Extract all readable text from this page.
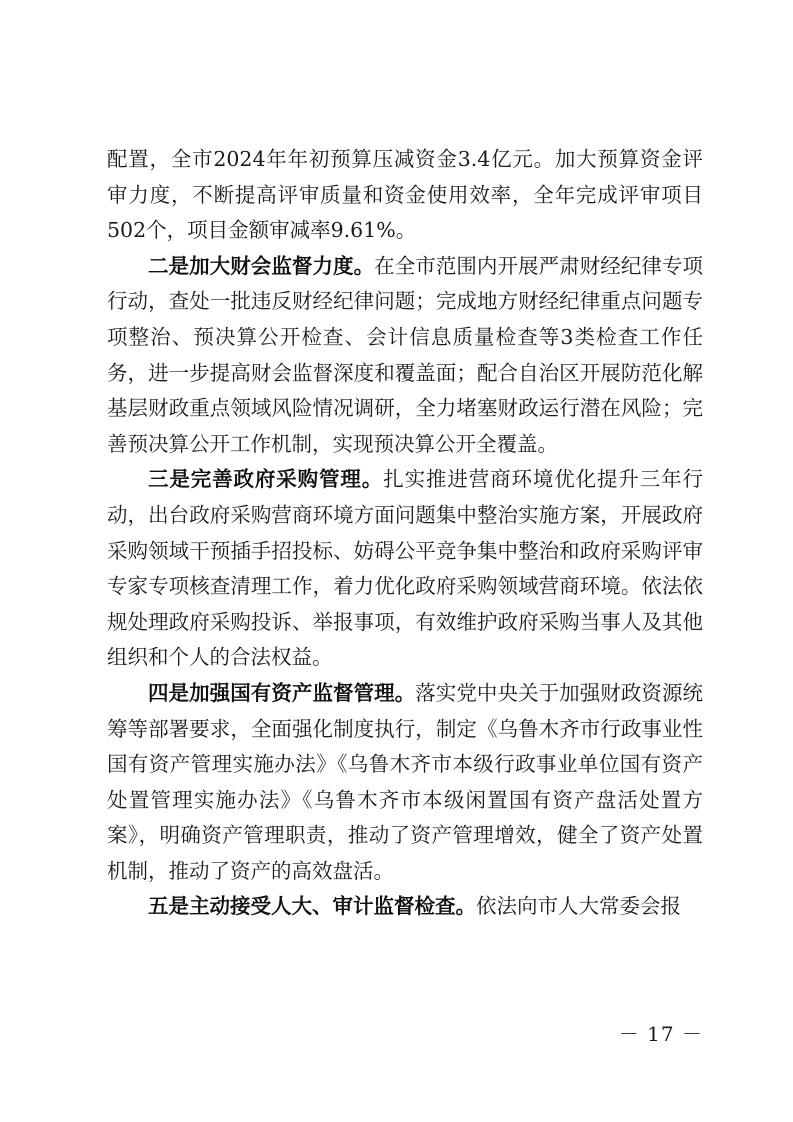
配置，全市2024年年初预算压减资金3.4亿元。加大预算资金评审力度，不断提高评审质量和资金使用效率，全年完成评审项目502个，项目金额审减率9.61%。

二是加大财会监督力度。在全市范围内开展严肃财经纪律专项行动，查处一批违反财经纪律问题；完成地方财经纪律重点问题专项整治、预决算公开检查、会计信息质量检查等3类检查工作任务，进一步提高财会监督深度和覆盖面；配合自治区开展防范化解基层财政重点领域风险情况调研，全力堵塞财政运行潜在风险；完善预决算公开工作机制，实现预决算公开全覆盖。

三是完善政府采购管理。扎实推进营商环境优化提升三年行动，出台政府采购营商环境方面问题集中整治实施方案，开展政府采购领域干预插手招投标、妨碍公平竞争集中整治和政府采购评审专家专项核查清理工作，着力优化政府采购领域营商环境。依法依规处理政府采购投诉、举报事项，有效维护政府采购当事人及其他组织和个人的合法权益。

四是加强国有资产监督管理。落实党中央关于加强财政资源统筹等部署要求，全面强化制度执行，制定《乌鲁木齐市行政事业性国有资产管理实施办法》《乌鲁木齐市本级行政事业单位国有资产处置管理实施办法》《乌鲁木齐市本级闲置国有资产盘活处置方案》，明确资产管理职责，推动了资产管理增效，健全了资产处置机制，推动了资产的高效盘活。

五是主动接受人大、审计监督检查。依法向市人大常委会报

－ 17 －
